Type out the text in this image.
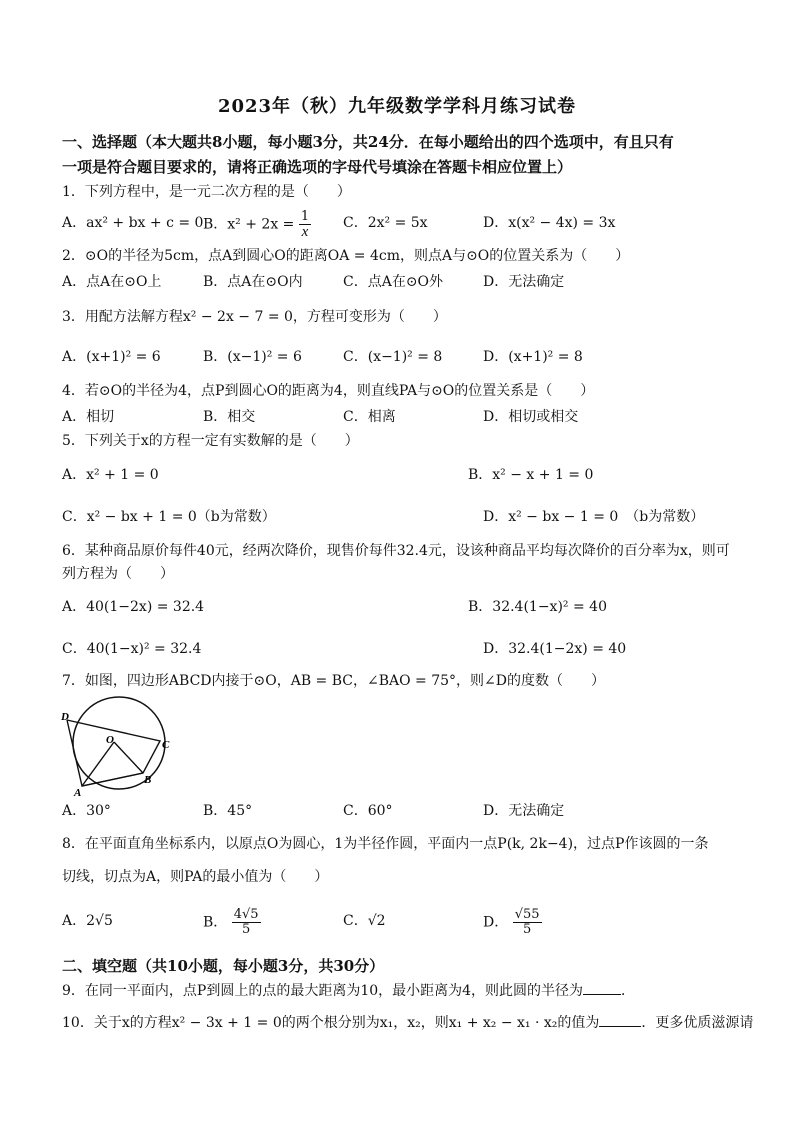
2023年（秋）九年级数学学科月练习试卷
一、选择题（本大题共8小题，每小题3分，共24分．在每小题给出的四个选项中，有且只有
一项是符合题目要求的，请将正确选项的字母代号填涂在答题卡相应位置上）
1．下列方程中，是一元二次方程的是（　　）
A．ax² + bx + c = 0 B．$x^2 + 2x = \frac{1}{x}$ C．2x² = 5x	D．x(x² − 4x) = 3x
2．⊙O的半径为5cm，点A到圆心O的距离OA = 4cm，则点A与⊙O的位置关系为（　　）
A．点A在⊙O上	B．点A在⊙O内	C．点A在⊙O外	D．无法确定
3．用配方法解方程x² − 2x − 7 = 0，方程可变形为（　　）
A．(x+1)² = 6	B．(x−1)² = 6	C．(x−1)² = 8	D．(x+1)² = 8
4．若⊙O的半径为4，点P到圆心O的距离为4，则直线PA与⊙O的位置关系是（　　）
A．相切	B．相交	C．相离	D．相切或相交
5．下列关于x的方程一定有实数解的是（　　）
A．x² + 1 = 0	B．x² − x + 1 = 0
C．x² − bx + 1 = 0（b为常数）	D．x² − bx − 1 = 0　（b为常数）
6．某种商品原价每件40元，经两次降价，现售价每件32.4元，设该种商品平均每次降价的百分率为x，则可
列方程为（　　）
A．40(1−2x) = 32.4	B．32.4(1−x)² = 40
C．40(1−x)² = 32.4	D．32.4(1−2x) = 40
7．如图，四边形ABCD内接于⊙O，AB = BC，∠BAO = 75°，则∠D的度数（　　）
D
O	C
B
A
A．30°	B．45°	C．60°	D．无法确定
8．在平面直角坐标系内，以原点O为圆心，1为半径作圆，平面内一点P(k, 2k−4)，过点P作该圆的一条
切线，切点为A，则PA的最小值为（　　）
A．2√5	B． $\frac{4√5}{5}$	C．√2	D． $\frac{√55}{5}$
二、填空题（共10小题，每小题3分，共30分）
9．在同一平面内，点P到圆上的点的最大距离为10，最小距离为4，则此圆的半径为	．
10．关于x的方程x² − 3x + 1 = 0的两个根分别为x₁，x₂，则x₁ + x₂ − x₁ · x₂的值为	．更多优质滋源请
